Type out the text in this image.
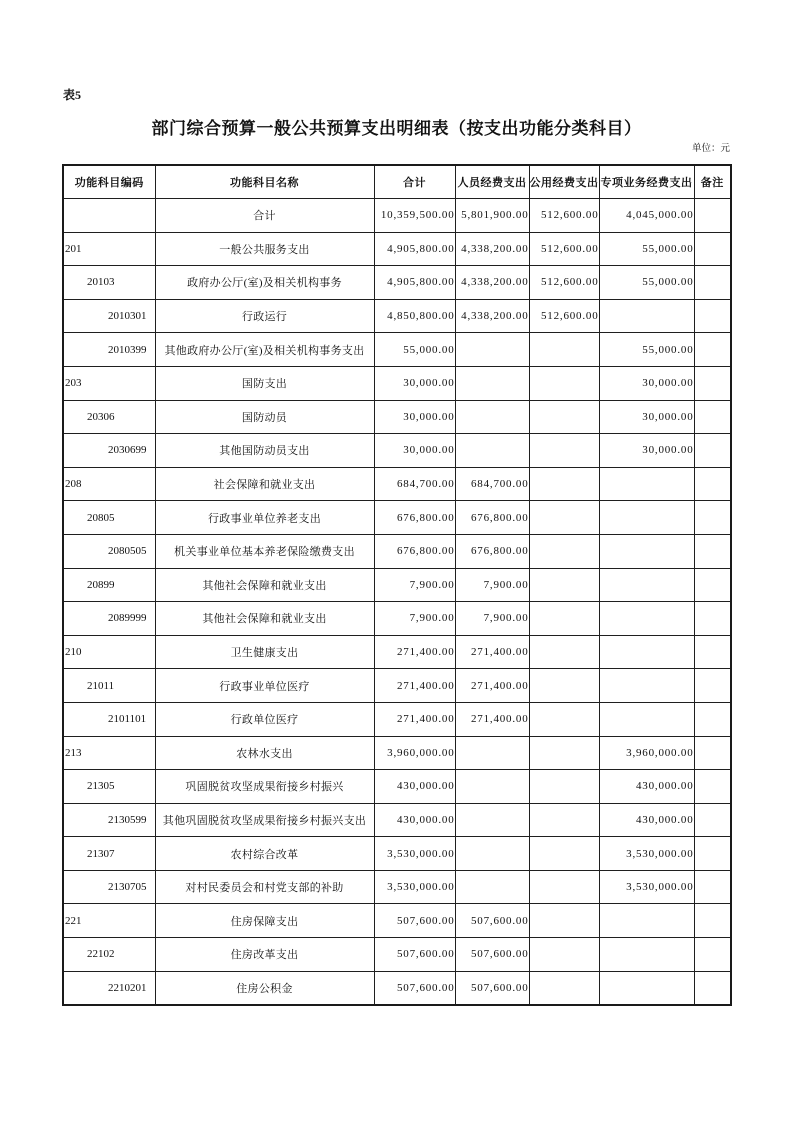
表5
部门综合预算一般公共预算支出明细表（按支出功能分类科目）
单位：元
功能科目编码	功能科目名称	合计	人员经费支出	公用经费支出	专项业务经费支出	备注
	合计	10,359,500.00	5,801,900.00	512,600.00	4,045,000.00	
201	一般公共服务支出	4,905,800.00	4,338,200.00	512,600.00	55,000.00	
20103	政府办公厅(室)及相关机构事务	4,905,800.00	4,338,200.00	512,600.00	55,000.00	
2010301	行政运行	4,850,800.00	4,338,200.00	512,600.00		
2010399	其他政府办公厅(室)及相关机构事务支出	55,000.00			55,000.00	
203	国防支出	30,000.00			30,000.00	
20306	国防动员	30,000.00			30,000.00	
2030699	其他国防动员支出	30,000.00			30,000.00	
208	社会保障和就业支出	684,700.00	684,700.00			
20805	行政事业单位养老支出	676,800.00	676,800.00			
2080505	机关事业单位基本养老保险缴费支出	676,800.00	676,800.00			
20899	其他社会保障和就业支出	7,900.00	7,900.00			
2089999	其他社会保障和就业支出	7,900.00	7,900.00			
210	卫生健康支出	271,400.00	271,400.00			
21011	行政事业单位医疗	271,400.00	271,400.00			
2101101	行政单位医疗	271,400.00	271,400.00			
213	农林水支出	3,960,000.00			3,960,000.00	
21305	巩固脱贫攻坚成果衔接乡村振兴	430,000.00			430,000.00	
2130599	其他巩固脱贫攻坚成果衔接乡村振兴支出	430,000.00			430,000.00	
21307	农村综合改革	3,530,000.00			3,530,000.00	
2130705	对村民委员会和村党支部的补助	3,530,000.00			3,530,000.00	
221	住房保障支出	507,600.00	507,600.00			
22102	住房改革支出	507,600.00	507,600.00			
2210201	住房公积金	507,600.00	507,600.00			
